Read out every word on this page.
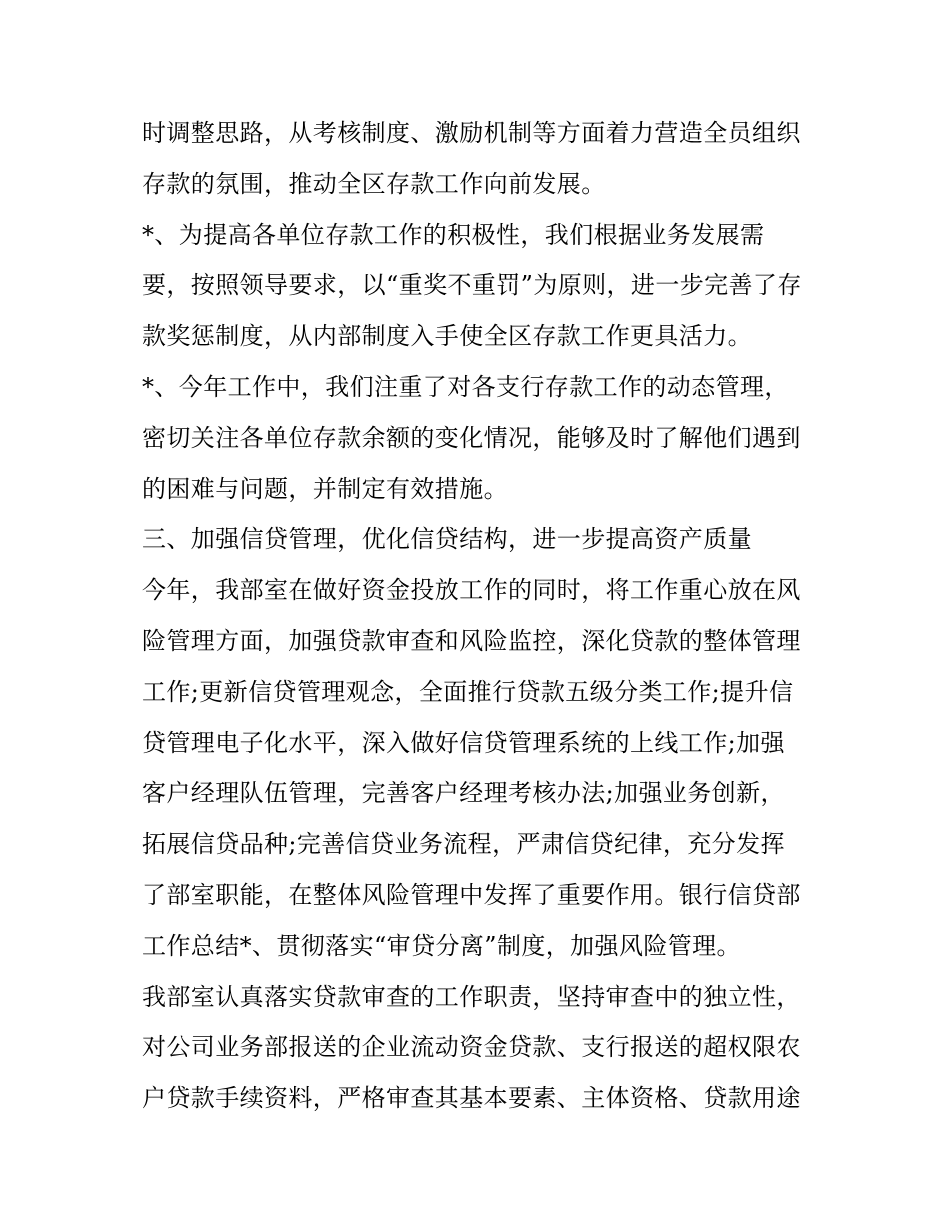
时调整思路，从考核制度、激励机制等方面着力营造全员组织

存款的氛围，推动全区存款工作向前发展。

*、为提高各单位存款工作的积极性，我们根据业务发展需

要，按照领导要求，以“重奖不重罚”为原则，进一步完善了存

款奖惩制度，从内部制度入手使全区存款工作更具活力。

*、今年工作中，我们注重了对各支行存款工作的动态管理，

密切关注各单位存款余额的变化情况，能够及时了解他们遇到

的困难与问题，并制定有效措施。

三、加强信贷管理，优化信贷结构，进一步提高资产质量

今年，我部室在做好资金投放工作的同时，将工作重心放在风

险管理方面，加强贷款审查和风险监控，深化贷款的整体管理

工作;更新信贷管理观念，全面推行贷款五级分类工作;提升信

贷管理电子化水平，深入做好信贷管理系统的上线工作;加强

客户经理队伍管理，完善客户经理考核办法;加强业务创新，

拓展信贷品种;完善信贷业务流程，严肃信贷纪律，充分发挥

了部室职能，在整体风险管理中发挥了重要作用。银行信贷部

工作总结*、贯彻落实“审贷分离”制度，加强风险管理。

我部室认真落实贷款审查的工作职责，坚持审查中的独立性，

对公司业务部报送的企业流动资金贷款、支行报送的超权限农

户贷款手续资料，严格审查其基本要素、主体资格、贷款用途
